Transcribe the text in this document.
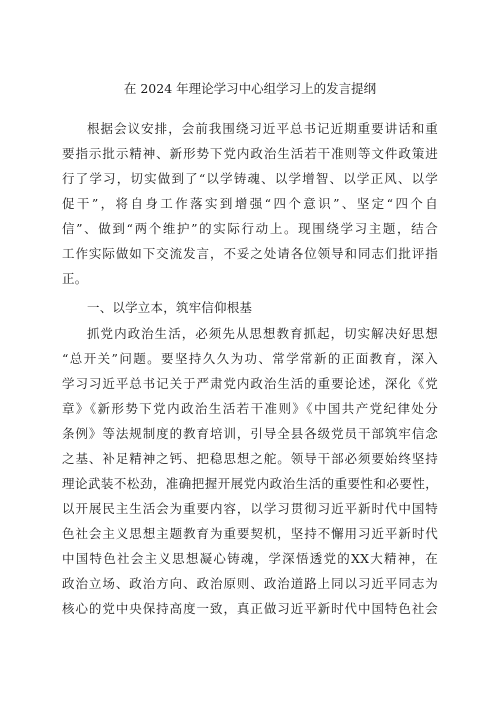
在 2024 年理论学习中心组学习上的发言提纲
根据会议安排，会前我围绕习近平总书记近期重要讲话和重
要指示批示精神、新形势下党内政治生活若干准则等文件政策进
行了学习，切实做到了“以学铸魂、以学增智、以学正风、以学
促干”，将自身工作落实到增强“四个意识”、坚定“四个自
信”、做到“两个维护”的实际行动上。现围绕学习主题，结合
工作实际做如下交流发言，不妥之处请各位领导和同志们批评指
正。
一、以学立本，筑牢信仰根基
抓党内政治生活，必须先从思想教育抓起，切实解决好思想
“总开关”问题。要坚持久久为功、常学常新的正面教育，深入
学习习近平总书记关于严肃党内政治生活的重要论述，深化《党
章》《新形势下党内政治生活若干准则》《中国共产党纪律处分
条例》等法规制度的教育培训，引导全县各级党员干部筑牢信念
之基、补足精神之钙、把稳思想之舵。领导干部必须要始终坚持
理论武装不松劲，准确把握开展党内政治生活的重要性和必要性，
以开展民主生活会为重要内容，以学习贯彻习近平新时代中国特
色社会主义思想主题教育为重要契机，坚持不懈用习近平新时代
中国特色社会主义思想凝心铸魂，学深悟透党的XX大精神，在
政治立场、政治方向、政治原则、政治道路上同以习近平同志为
核心的党中央保持高度一致，真正做习近平新时代中国特色社会
